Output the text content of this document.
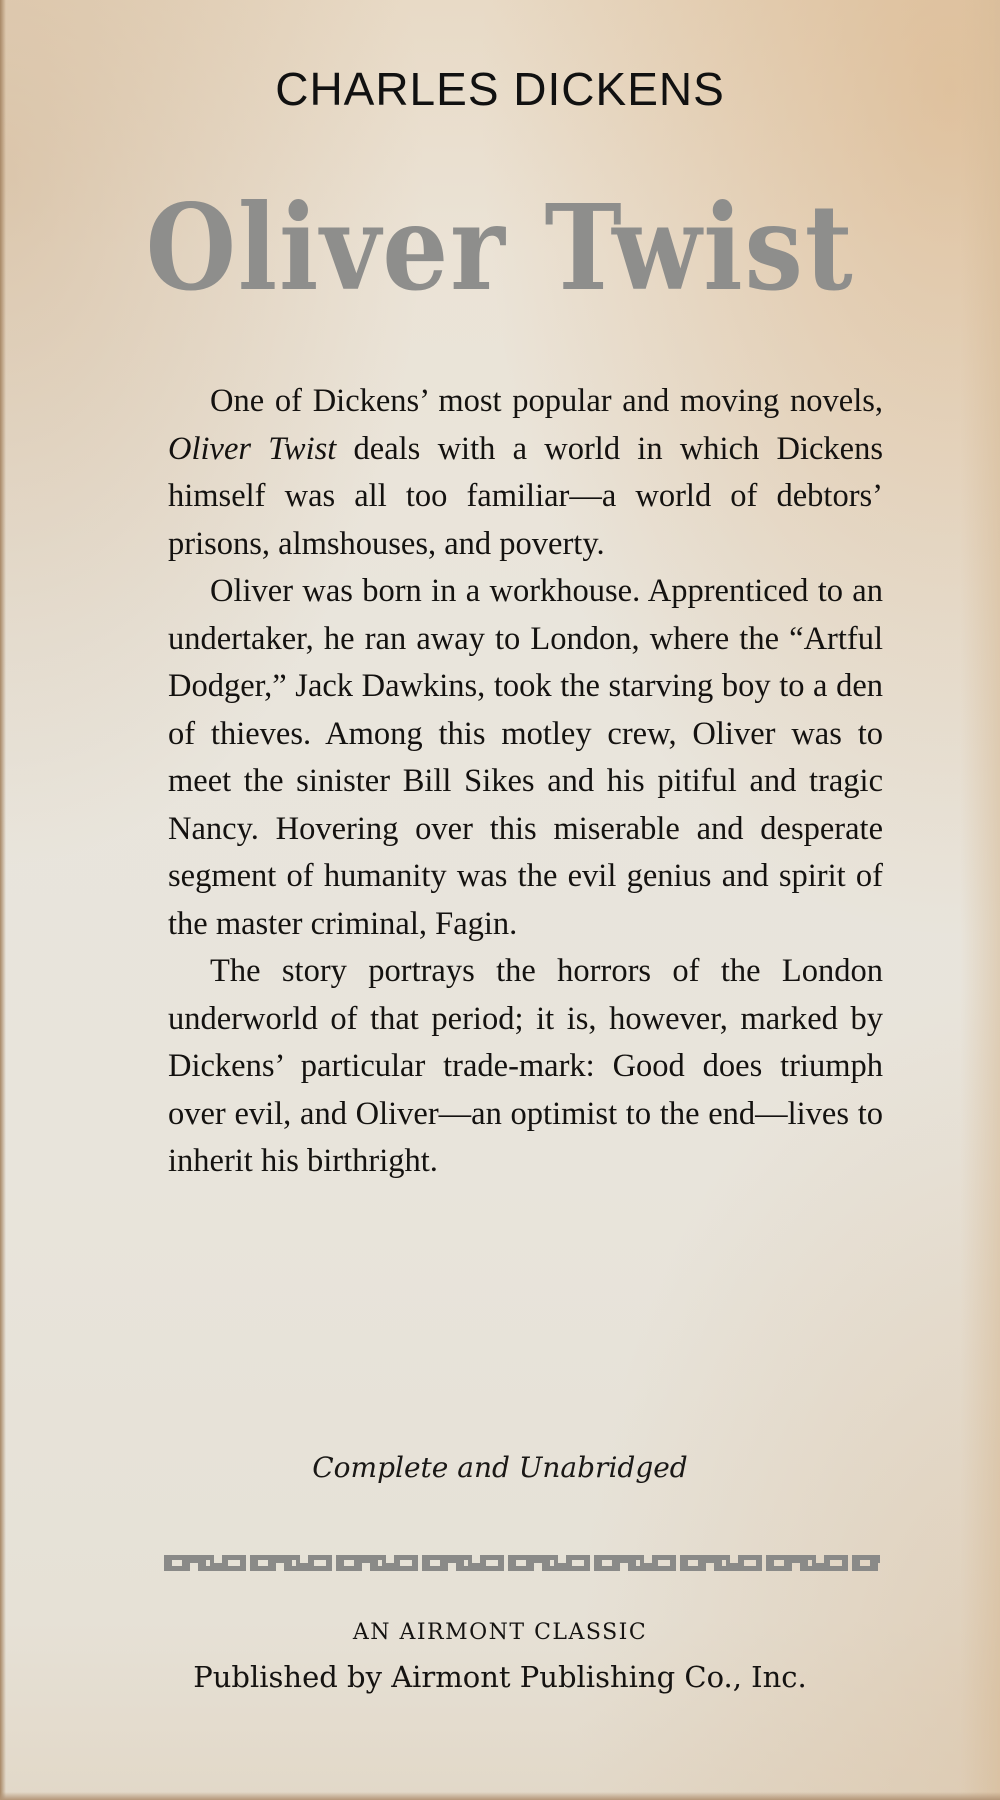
CHARLES DICKENS
Oliver Twist

One of Dickens’ most popular and moving novels, Oliver Twist deals with a world in which Dickens himself was all too familiar—a world of debtors’ prisons, almshouses, and poverty.

Oliver was born in a workhouse. Apprenticed to an undertaker, he ran away to London, where the “Artful Dodger,” Jack Dawkins, took the starving boy to a den of thieves. Among this motley crew, Oliver was to meet the sinister Bill Sikes and his pitiful and tragic Nancy. Hovering over this miserable and desperate segment of humanity was the evil genius and spirit of the master criminal, Fagin.

The story portrays the horrors of the London underworld of that period; it is, however, marked by Dickens’ particular trade-mark: Good does triumph over evil, and Oliver—an optimist to the end—lives to inherit his birthright.

Complete and Unabridged
AN AIRMONT CLASSIC
Published by Airmont Publishing Co., Inc.
